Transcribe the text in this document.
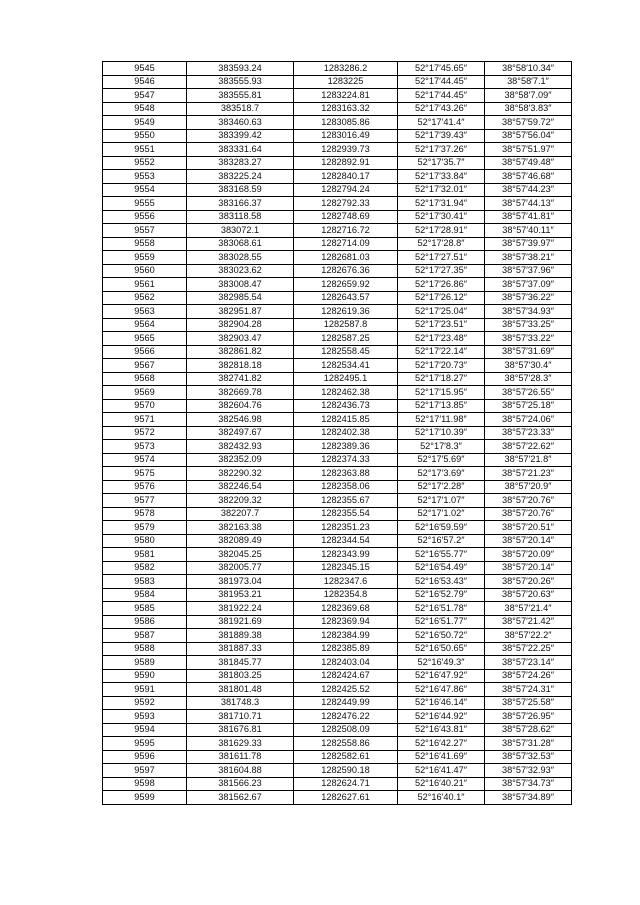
9545	383593.24	1283286.2	52°17′45.65″	38°58′10.34″
9546	383555.93	1283225	52°17′44.45″	38°58′7.1″
9547	383555.81	1283224.81	52°17′44.45″	38°58′7.09″
9548	383518.7	1283163.32	52°17′43.26″	38°58′3.83″
9549	383460.63	1283085.86	52°17′41.4″	38°57′59.72″
9550	383399.42	1283016.49	52°17′39.43″	38°57′56.04″
9551	383331.64	1282939.73	52°17′37.26″	38°57′51.97″
9552	383283.27	1282892.91	52°17′35.7″	38°57′49.48″
9553	383225.24	1282840.17	52°17′33.84″	38°57′46.68″
9554	383168.59	1282794.24	52°17′32.01″	38°57′44.23″
9555	383166.37	1282792.33	52°17′31.94″	38°57′44.13″
9556	383118.58	1282748.69	52°17′30.41″	38°57′41.81″
9557	383072.1	1282716.72	52°17′28.91″	38°57′40.11″
9558	383068.61	1282714.09	52°17′28.8″	38°57′39.97″
9559	383028.55	1282681.03	52°17′27.51″	38°57′38.21″
9560	383023.62	1282676.36	52°17′27.35″	38°57′37.96″
9561	383008.47	1282659.92	52°17′26.86″	38°57′37.09″
9562	382985.54	1282643.57	52°17′26.12″	38°57′36.22″
9563	382951.87	1282619.36	52°17′25.04″	38°57′34.93″
9564	382904.28	1282587.8	52°17′23.51″	38°57′33.25″
9565	382903.47	1282587.25	52°17′23.48″	38°57′33.22″
9566	382861.82	1282558.45	52°17′22.14″	38°57′31.69″
9567	382818.18	1282534.41	52°17′20.73″	38°57′30.4″
9568	382741.82	1282495.1	52°17′18.27″	38°57′28.3″
9569	382669.78	1282462.38	52°17′15.95″	38°57′26.55″
9570	382604.76	1282436.73	52°17′13.85″	38°57′25.18″
9571	382546.98	1282415.85	52°17′11.98″	38°57′24.06″
9572	382497.67	1282402.38	52°17′10.39″	38°57′23.33″
9573	382432.93	1282389.36	52°17′8.3″	38°57′22.62″
9574	382352.09	1282374.33	52°17′5.69″	38°57′21.8″
9575	382290.32	1282363.88	52°17′3.69″	38°57′21.23″
9576	382246.54	1282358.06	52°17′2.28″	38°57′20.9″
9577	382209.32	1282355.67	52°17′1.07″	38°57′20.76″
9578	382207.7	1282355.54	52°17′1.02″	38°57′20.76″
9579	382163.38	1282351.23	52°16′59.59″	38°57′20.51″
9580	382089.49	1282344.54	52°16′57.2″	38°57′20.14″
9581	382045.25	1282343.99	52°16′55.77″	38°57′20.09″
9582	382005.77	1282345.15	52°16′54.49″	38°57′20.14″
9583	381973.04	1282347.6	52°16′53.43″	38°57′20.26″
9584	381953.21	1282354.8	52°16′52.79″	38°57′20.63″
9585	381922.24	1282369.68	52°16′51.78″	38°57′21.4″
9586	381921.69	1282369.94	52°16′51.77″	38°57′21.42″
9587	381889.38	1282384.99	52°16′50.72″	38°57′22.2″
9588	381887.33	1282385.89	52°16′50.65″	38°57′22.25″
9589	381845.77	1282403.04	52°16′49.3″	38°57′23.14″
9590	381803.25	1282424.67	52°16′47.92″	38°57′24.26″
9591	381801.48	1282425.52	52°16′47.86″	38°57′24.31″
9592	381748.3	1282449.99	52°16′46.14″	38°57′25.58″
9593	381710.71	1282476.22	52°16′44.92″	38°57′26.95″
9594	381676.81	1282508.09	52°16′43.81″	38°57′28.62″
9595	381629.33	1282558.86	52°16′42.27″	38°57′31.28″
9596	381611.78	1282582.61	52°16′41.69″	38°57′32.53″
9597	381604.88	1282590.18	52°16′41.47″	38°57′32.93″
9598	381566.23	1282624.71	52°16′40.21″	38°57′34.73″
9599	381562.67	1282627.61	52°16′40.1″	38°57′34.89″
